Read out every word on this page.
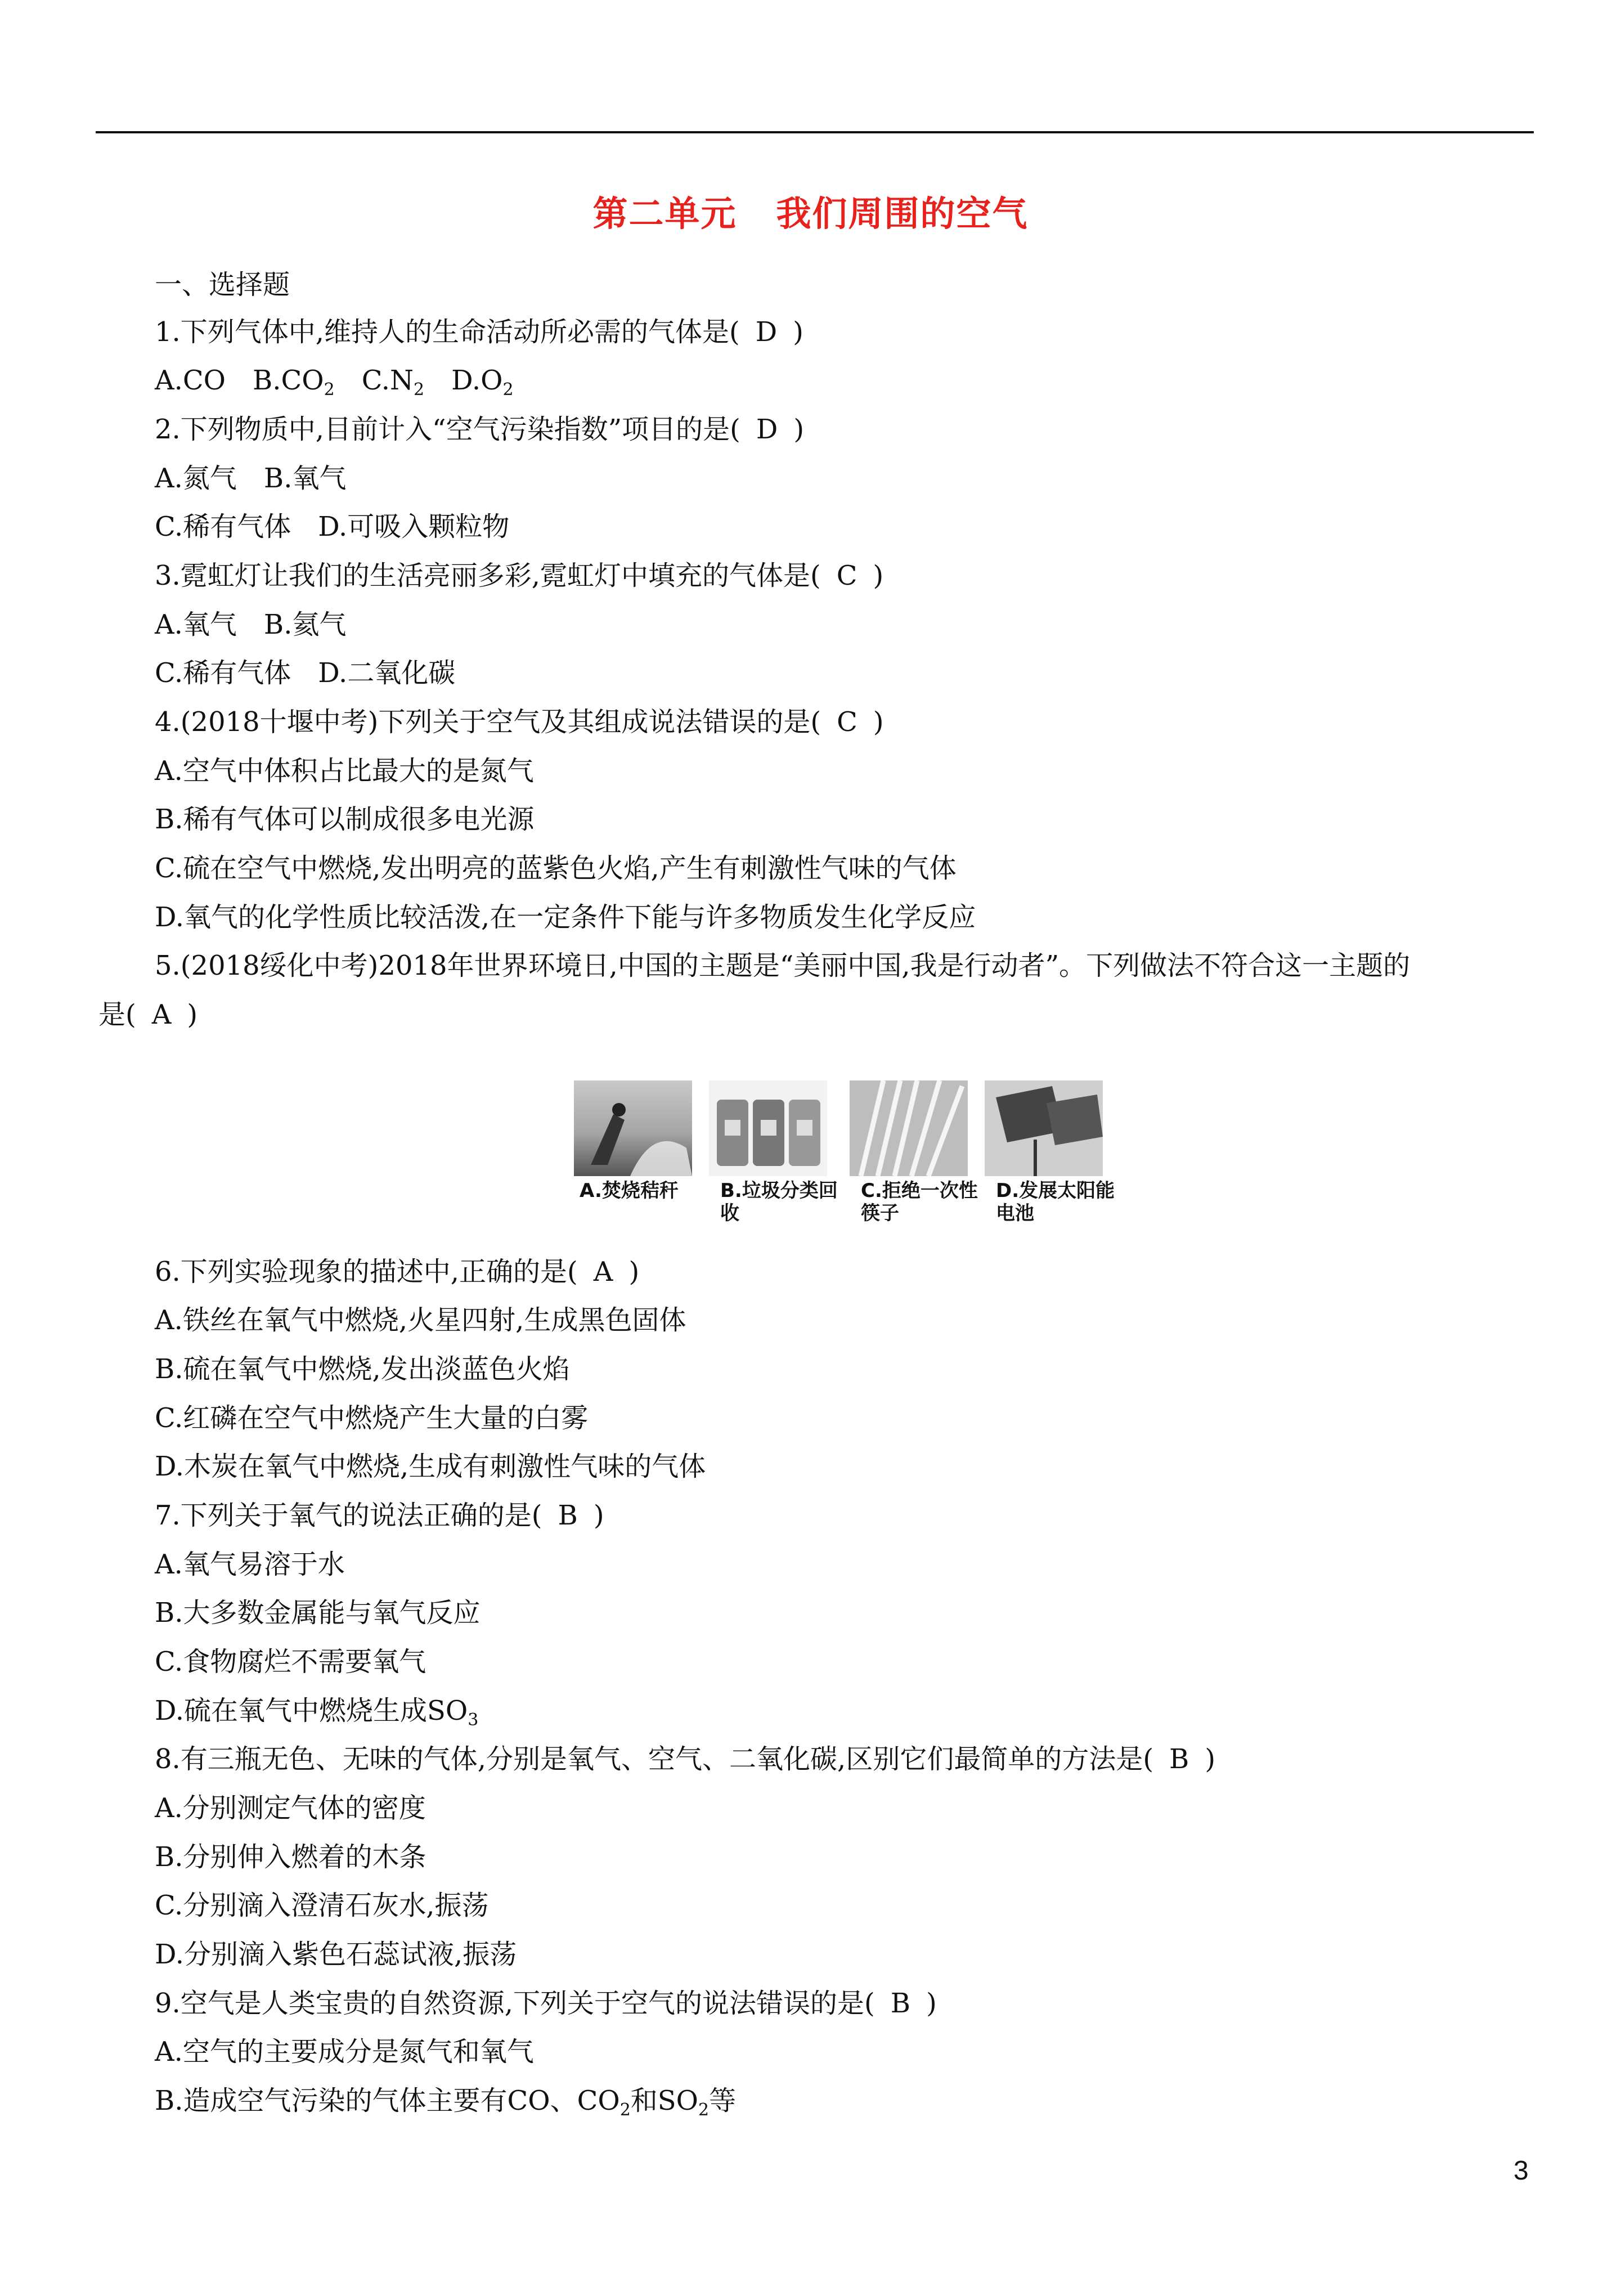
第二单元 我们周围的空气
一、选择题
1.下列气体中,维持人的生命活动所必需的气体是( D )
A.CO　 $B.CO_2$　 $C.N_2$　 $D.O_2$
2.下列物质中,目前计入“空气污染指数”项目的是( D )
A.氮气　B.氧气
C.稀有气体　D.可吸入颗粒物
3.霓虹灯让我们的生活亮丽多彩,霓虹灯中填充的气体是( C )
A.氧气　B.氦气
C.稀有气体　D.二氧化碳
4.(2018十堰中考)下列关于空气及其组成说法错误的是( C )
A.空气中体积占比最大的是氮气
B.稀有气体可以制成很多电光源
C.硫在空气中燃烧,发出明亮的蓝紫色火焰,产生有刺激性气味的气体
D.氧气的化学性质比较活泼,在一定条件下能与许多物质发生化学反应
5.(2018绥化中考)2018年世界环境日,中国的主题是“美丽中国,我是行动者”。下列做法不符合这一主题的
是( A )
A.焚烧秸秆	B.垃圾分类回收
C.拒绝一次性筷子
D.发展太阳能电池
6.下列实验现象的描述中,正确的是( A )
A.铁丝在氧气中燃烧,火星四射,生成黑色固体
B.硫在氧气中燃烧,发出淡蓝色火焰
C.红磷在空气中燃烧产生大量的白雾
D.木炭在氧气中燃烧,生成有刺激性气味的气体
7.下列关于氧气的说法正确的是( B )
A.氧气易溶于水
B.大多数金属能与氧气反应
C.食物腐烂不需要氧气
D.硫在氧气中燃烧生成$SO_3$
8.有三瓶无色、无味的气体,分别是氧气、空气、二氧化碳,区别它们最简单的方法是( B )
A.分别测定气体的密度
B.分别伸入燃着的木条
C.分别滴入澄清石灰水,振荡
D.分别滴入紫色石蕊试液,振荡
9.空气是人类宝贵的自然资源,下列关于空气的说法错误的是( B )
A.空气的主要成分是氮气和氧气
B.造成空气污染的气体主要有CO、$CO_2$和$SO_2$等
3
